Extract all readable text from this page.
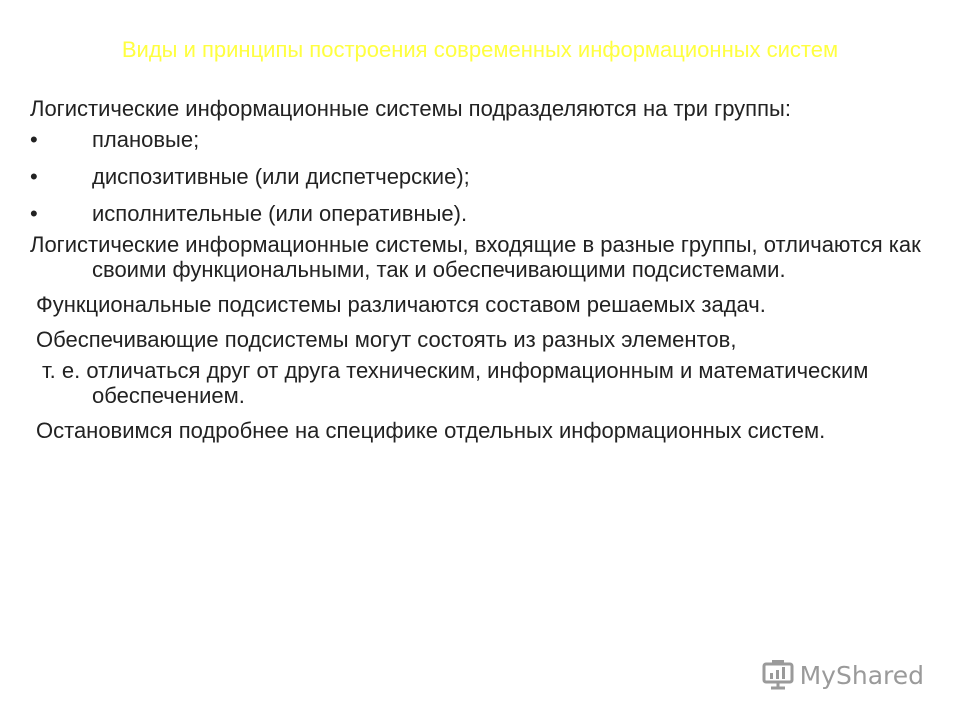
Виды и принципы построения современных информационных систем

Логистические информационные системы подразделяются на три группы:

•	плановые;
•	диспозитивные (или диспетчерские);
•	исполнительные (или оперативные).

Логистические информационные системы, входящие в разные группы, отличаются как своими функциональными, так и обеспечивающими подсистемами.

Функциональные подсистемы различаются составом решаемых задач.

Обеспечивающие подсистемы могут состоять из разных элементов,

т. е. отличаться друг от друга техническим, информационным и математическим обеспечением.

Остановимся подробнее на специфике отдельных информационных систем.

MyShared
